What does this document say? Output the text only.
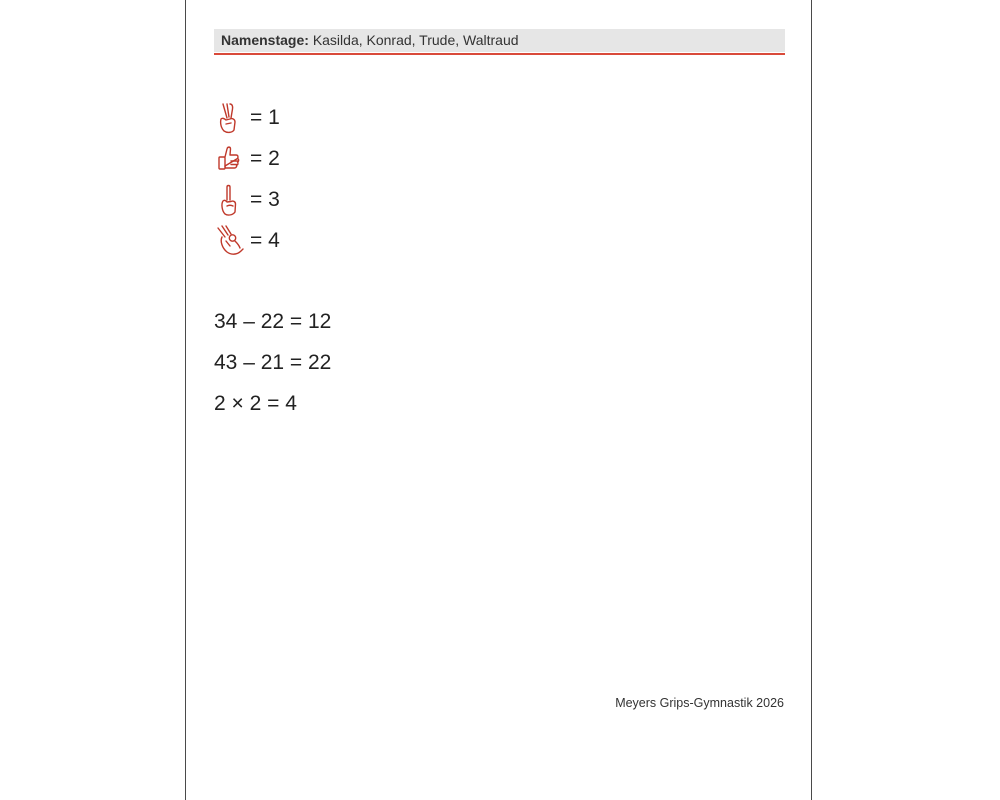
Namenstage: Kasilda, Konrad, Trude, Waltraud
= 1
= 2
= 3
= 4
34 – 22 = 12
43 – 21 = 22
2 × 2 = 4
Meyers Grips-Gymnastik 2026
